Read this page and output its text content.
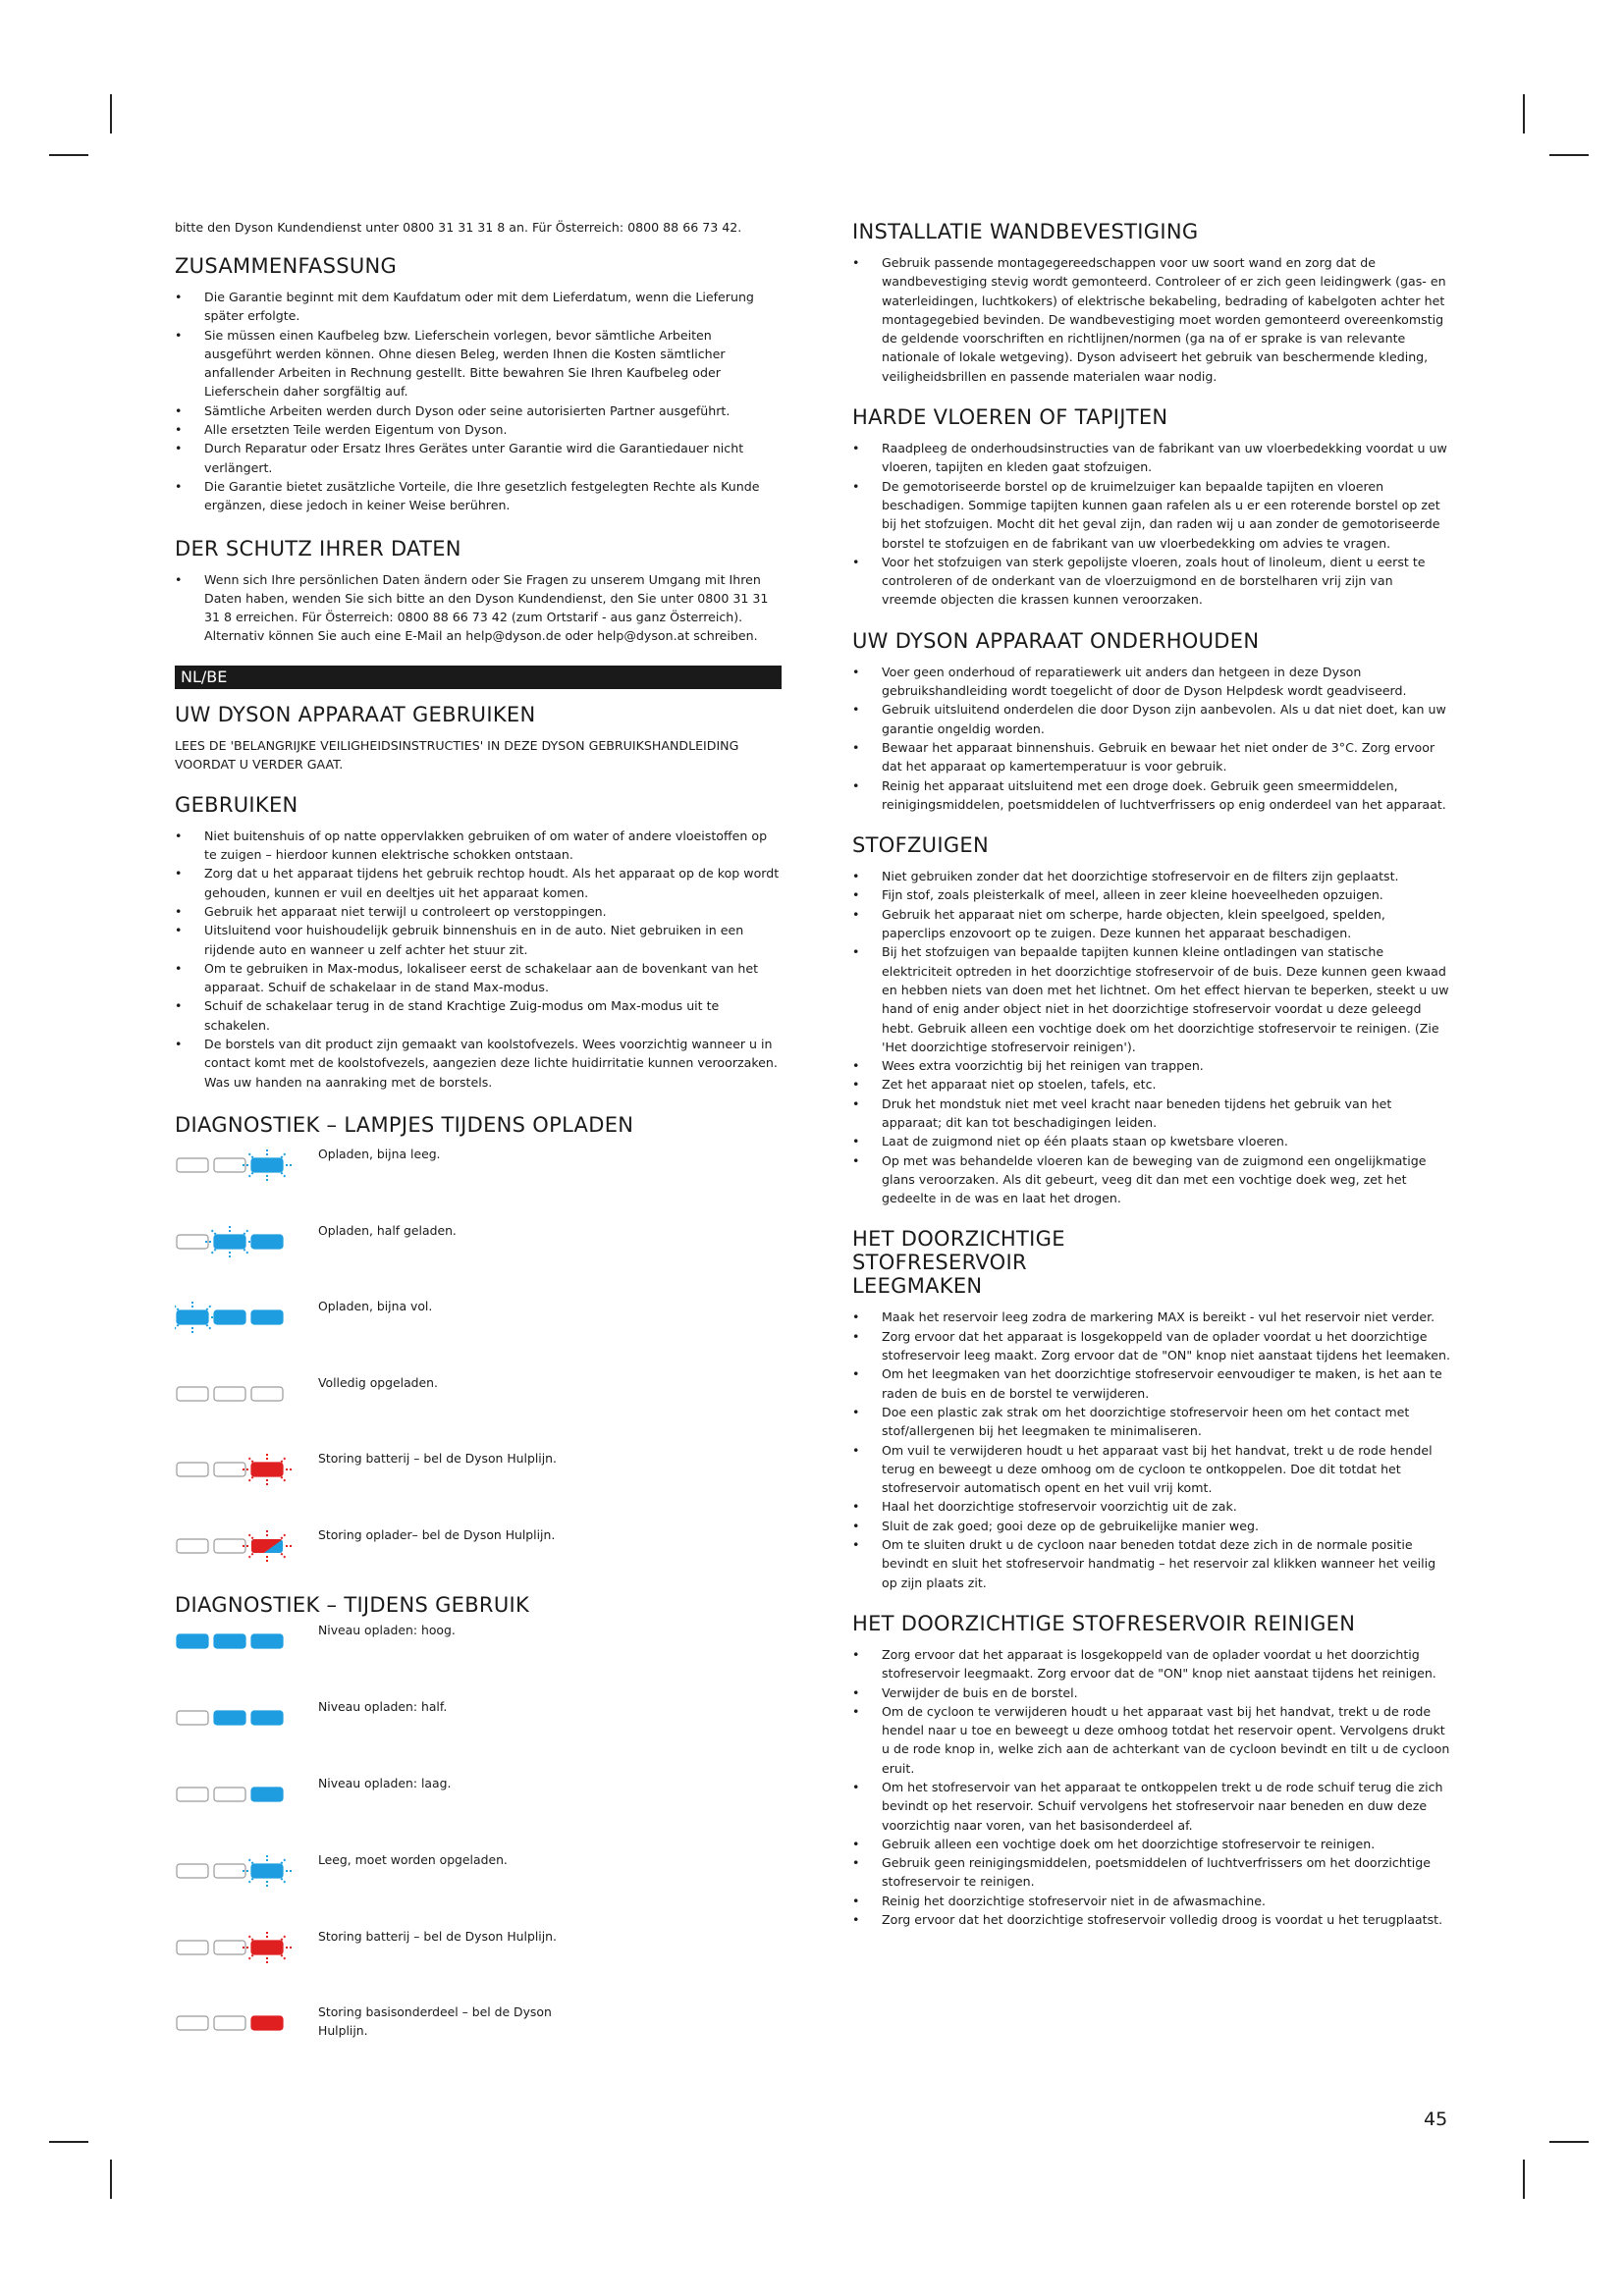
bitte den Dyson Kundendienst unter 0800 31 31 31 8 an. Für Österreich: 0800 88 66 73 42.

ZUSAMMENFASSUNG
• Die Garantie beginnt mit dem Kaufdatum oder mit dem Lieferdatum, wenn die Lieferung später erfolgte.
• Sie müssen einen Kaufbeleg bzw. Lieferschein vorlegen, bevor sämtliche Arbeiten ausgeführt werden können. Ohne diesen Beleg, werden Ihnen die Kosten sämtlicher anfallender Arbeiten in Rechnung gestellt. Bitte bewahren Sie Ihren Kaufbeleg oder Lieferschein daher sorgfältig auf.
• Sämtliche Arbeiten werden durch Dyson oder seine autorisierten Partner ausgeführt.
• Alle ersetzten Teile werden Eigentum von Dyson.
• Durch Reparatur oder Ersatz Ihres Gerätes unter Garantie wird die Garantiedauer nicht verlängert.
• Die Garantie bietet zusätzliche Vorteile, die Ihre gesetzlich festgelegten Rechte als Kunde ergänzen, diese jedoch in keiner Weise berühren.
DER SCHUTZ IHRER DATEN
• Wenn sich Ihre persönlichen Daten ändern oder Sie Fragen zu unserem Umgang mit Ihren Daten haben, wenden Sie sich bitte an den Dyson Kundendienst, den Sie unter 0800 31 31 31 8 erreichen. Für Österreich: 0800 88 66 73 42 (zum Ortstarif - aus ganz Österreich). Alternativ können Sie auch eine E-Mail an help@dyson.de oder help@dyson.at schreiben.
NL/BE
UW DYSON APPARAAT GEBRUIKEN

LEES DE 'BELANGRIJKE VEILIGHEIDSINSTRUCTIES' IN DEZE DYSON GEBRUIKSHANDLEIDING VOORDAT U VERDER GAAT.

GEBRUIKEN
• Niet buitenshuis of op natte oppervlakken gebruiken of om water of andere vloeistoffen op te zuigen – hierdoor kunnen elektrische schokken ontstaan.
• Zorg dat u het apparaat tijdens het gebruik rechtop houdt. Als het apparaat op de kop wordt gehouden, kunnen er vuil en deeltjes uit het apparaat komen.
• Gebruik het apparaat niet terwijl u controleert op verstoppingen.
• Uitsluitend voor huishoudelijk gebruik binnenshuis en in de auto. Niet gebruiken in een rijdende auto en wanneer u zelf achter het stuur zit.
• Om te gebruiken in Max-modus, lokaliseer eerst de schakelaar aan de bovenkant van het apparaat. Schuif de schakelaar in de stand Max-modus.
• Schuif de schakelaar terug in de stand Krachtige Zuig-modus om Max-modus uit te schakelen.
• De borstels van dit product zijn gemaakt van koolstofvezels. Wees voorzichtig wanneer u in contact komt met de koolstofvezels, aangezien deze lichte huidirritatie kunnen veroorzaken. Was uw handen na aanraking met de borstels.
DIAGNOSTIEK – LAMPJES TIJDENS OPLADEN
Opladen, bijna leeg.
Opladen, half geladen.
Opladen, bijna vol.
Volledig opgeladen.
Storing batterij – bel de Dyson Hulplijn.
Storing oplader– bel de Dyson Hulplijn.
DIAGNOSTIEK – TIJDENS GEBRUIK
Niveau opladen: hoog.
Niveau opladen: half.
Niveau opladen: laag.
Leeg, moet worden opgeladen.
Storing batterij – bel de Dyson Hulplijn.
Storing basisonderdeel – bel de Dyson Hulplijn.
INSTALLATIE WANDBEVESTIGING
• Gebruik passende montagegereedschappen voor uw soort wand en zorg dat de wandbevestiging stevig wordt gemonteerd. Controleer of er zich geen leidingwerk (gas- en waterleidingen, luchtkokers) of elektrische bekabeling, bedrading of kabelgoten achter het montagegebied bevinden. De wandbevestiging moet worden gemonteerd overeenkomstig de geldende voorschriften en richtlijnen/normen (ga na of er sprake is van relevante nationale of lokale wetgeving). Dyson adviseert het gebruik van beschermende kleding, veiligheidsbrillen en passende materialen waar nodig.
HARDE VLOEREN OF TAPIJTEN
• Raadpleeg de onderhoudsinstructies van de fabrikant van uw vloerbedekking voordat u uw vloeren, tapijten en kleden gaat stofzuigen.
• De gemotoriseerde borstel op de kruimelzuiger kan bepaalde tapijten en vloeren beschadigen. Sommige tapijten kunnen gaan rafelen als u er een roterende borstel op zet bij het stofzuigen. Mocht dit het geval zijn, dan raden wij u aan zonder de gemotoriseerde borstel te stofzuigen en de fabrikant van uw vloerbedekking om advies te vragen.
• Voor het stofzuigen van sterk gepolijste vloeren, zoals hout of linoleum, dient u eerst te controleren of de onderkant van de vloerzuigmond en de borstelharen vrij zijn van vreemde objecten die krassen kunnen veroorzaken.
UW DYSON APPARAAT ONDERHOUDEN
• Voer geen onderhoud of reparatiewerk uit anders dan hetgeen in deze Dyson gebruikshandleiding wordt toegelicht of door de Dyson Helpdesk wordt geadviseerd.
• Gebruik uitsluitend onderdelen die door Dyson zijn aanbevolen. Als u dat niet doet, kan uw garantie ongeldig worden.
• Bewaar het apparaat binnenshuis. Gebruik en bewaar het niet onder de 3°C. Zorg ervoor dat het apparaat op kamertemperatuur is voor gebruik.
• Reinig het apparaat uitsluitend met een droge doek. Gebruik geen smeermiddelen, reinigingsmiddelen, poetsmiddelen of luchtverfrissers op enig onderdeel van het apparaat.
STOFZUIGEN
• Niet gebruiken zonder dat het doorzichtige stofreservoir en de filters zijn geplaatst.
• Fijn stof, zoals pleisterkalk of meel, alleen in zeer kleine hoeveelheden opzuigen.
• Gebruik het apparaat niet om scherpe, harde objecten, klein speelgoed, spelden, paperclips enzovoort op te zuigen. Deze kunnen het apparaat beschadigen.
• Bij het stofzuigen van bepaalde tapijten kunnen kleine ontladingen van statische elektriciteit optreden in het doorzichtige stofreservoir of de buis. Deze kunnen geen kwaad en hebben niets van doen met het lichtnet. Om het effect hiervan te beperken, steekt u uw hand of enig ander object niet in het doorzichtige stofreservoir voordat u deze geleegd hebt. Gebruik alleen een vochtige doek om het doorzichtige stofreservoir te reinigen. (Zie 'Het doorzichtige stofreservoir reinigen').
• Wees extra voorzichtig bij het reinigen van trappen.
• Zet het apparaat niet op stoelen, tafels, etc.
• Druk het mondstuk niet met veel kracht naar beneden tijdens het gebruik van het apparaat; dit kan tot beschadigingen leiden.
• Laat de zuigmond niet op één plaats staan op kwetsbare vloeren.
• Op met was behandelde vloeren kan de beweging van de zuigmond een ongelijkmatige glans veroorzaken. Als dit gebeurt, veeg dit dan met een vochtige doek weg, zet het gedeelte in de was en laat het drogen.
HET DOORZICHTIGE STOFRESERVOIR LEEGMAKEN
• Maak het reservoir leeg zodra de markering MAX is bereikt - vul het reservoir niet verder.
• Zorg ervoor dat het apparaat is losgekoppeld van de oplader voordat u het doorzichtige stofreservoir leeg maakt. Zorg ervoor dat de "ON" knop niet aanstaat tijdens het leemaken.
• Om het leegmaken van het doorzichtige stofreservoir eenvoudiger te maken, is het aan te raden de buis en de borstel te verwijderen.
• Doe een plastic zak strak om het doorzichtige stofreservoir heen om het contact met stof/allergenen bij het leegmaken te minimaliseren.
• Om vuil te verwijderen houdt u het apparaat vast bij het handvat, trekt u de rode hendel terug en beweegt u deze omhoog om de cycloon te ontkoppelen. Doe dit totdat het stofreservoir automatisch opent en het vuil vrij komt.
• Haal het doorzichtige stofreservoir voorzichtig uit de zak.
• Sluit de zak goed; gooi deze op de gebruikelijke manier weg.
• Om te sluiten drukt u de cycloon naar beneden totdat deze zich in de normale positie bevindt en sluit het stofreservoir handmatig – het reservoir zal klikken wanneer het veilig op zijn plaats zit.
HET DOORZICHTIGE STOFRESERVOIR REINIGEN
• Zorg ervoor dat het apparaat is losgekoppeld van de oplader voordat u het doorzichtig stofreservoir leegmaakt. Zorg ervoor dat de "ON" knop niet aanstaat tijdens het reinigen.
• Verwijder de buis en de borstel.
• Om de cycloon te verwijderen houdt u het apparaat vast bij het handvat, trekt u de rode hendel naar u toe en beweegt u deze omhoog totdat het reservoir opent. Vervolgens drukt u de rode knop in, welke zich aan de achterkant van de cycloon bevindt en tilt u de cycloon eruit.
• Om het stofreservoir van het apparaat te ontkoppelen trekt u de rode schuif terug die zich bevindt op het reservoir. Schuif vervolgens het stofreservoir naar beneden en duw deze voorzichtig naar voren, van het basisonderdeel af.
• Gebruik alleen een vochtige doek om het doorzichtige stofreservoir te reinigen.
• Gebruik geen reinigingsmiddelen, poetsmiddelen of luchtverfrissers om het doorzichtige stofreservoir te reinigen.
• Reinig het doorzichtige stofreservoir niet in de afwasmachine.
• Zorg ervoor dat het doorzichtige stofreservoir volledig droog is voordat u het terugplaatst.
45
